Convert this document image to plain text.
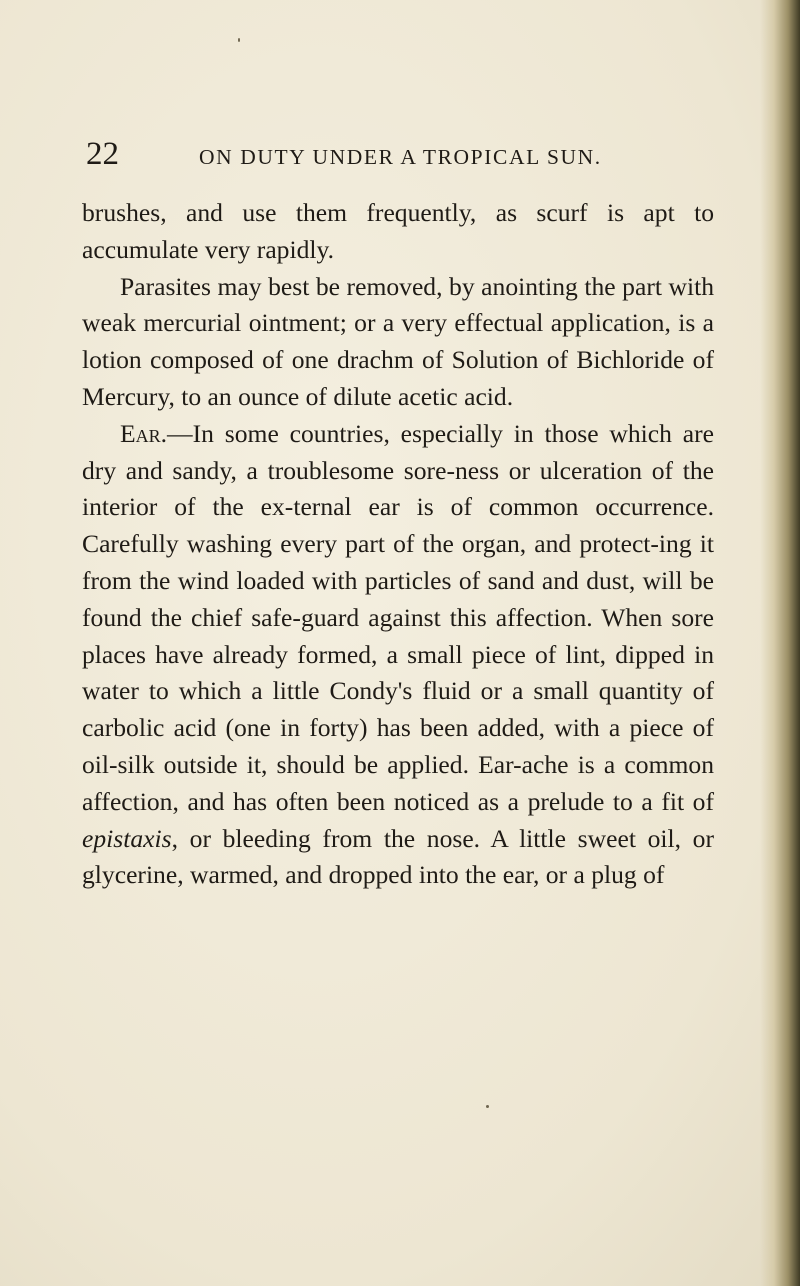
22	ON DUTY UNDER A TROPICAL SUN.

brushes, and use them frequently, as scurf is apt to accumulate very rapidly.

Parasites may best be removed, by anointing the part with weak mercurial ointment; or a very effectual application, is a lotion composed of one drachm of Solution of Bichloride of Mercury, to an ounce of dilute acetic acid.

Ear.—In some countries, especially in those which are dry and sandy, a troublesome sore-ness or ulceration of the interior of the ex-ternal ear is of common occurrence. Carefully washing every part of the organ, and protect-ing it from the wind loaded with particles of sand and dust, will be found the chief safe-guard against this affection. When sore places have already formed, a small piece of lint, dipped in water to which a little Condy's fluid or a small quantity of carbolic acid (one in forty) has been added, with a piece of oil-silk outside it, should be applied. Ear-ache is a common affection, and has often been noticed as a prelude to a fit of epistaxis, or bleeding from the nose. A little sweet oil, or glycerine, warmed, and dropped into the ear, or a plug of
